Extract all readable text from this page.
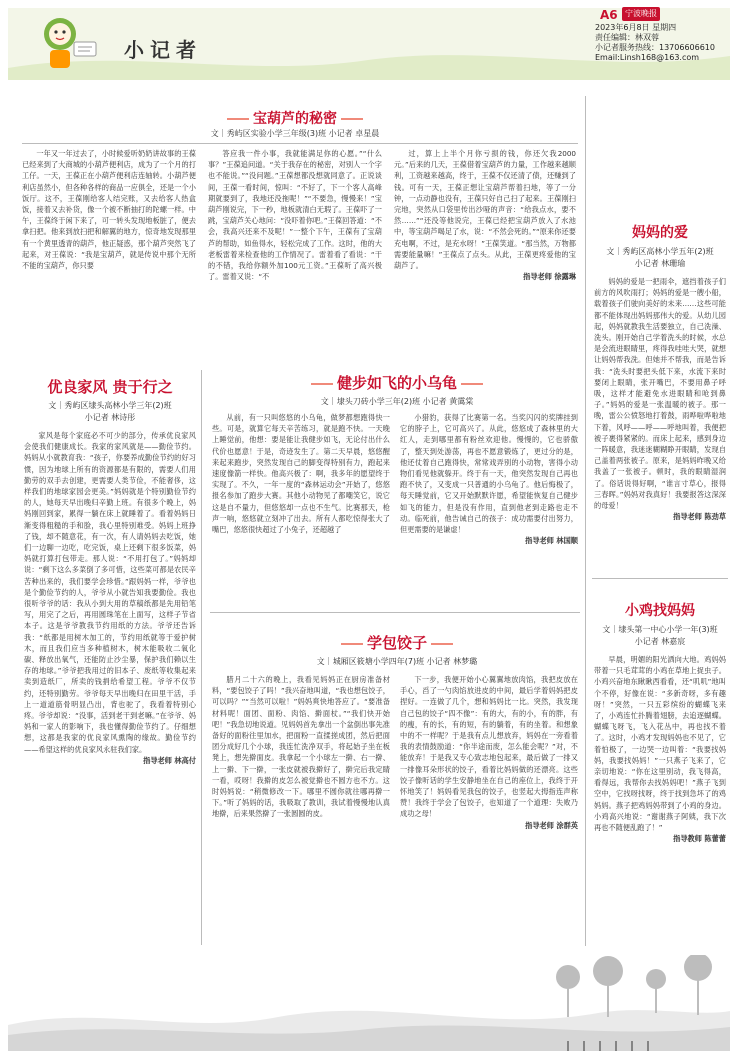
小记者
A6 宁波晚报
2023年6月8日 星期四
责任编辑：林双蓉
小记者服务热线：13706606610
Email:Linsh168@163.com
宝葫芦的秘密
文｜秀屿区实验小学三年级(3)班 小记者 卓星晨

一年又一年过去了，小时候爱听奶奶讲故事的王葆已经来到了大商城的小葫芦便利店，成为了一个月的打工仔。一天，王葆正在小葫芦便利店连轴转。小葫芦便利店虽然小，但各种各样的商品一应俱全，还是一个小饭厅。这不，王葆刚给客人结完账，又去给客人热盒饭，接着又去补货，像一个被不断抽打的陀螺一样。中午，王葆终于闲下来了，可一转头发现地板脏了，便去拿扫把。他来到放扫把和解翼的地方，惊奇地发现那里有一个黄里透青的葫芦，他正疑惑，那个葫芦突然飞了起来，对王葆说：“我是宝葫芦，就是传说中那个无所不能的宝葫芦，你只要

答应我一件小事，我就能满足你的心愿。”“什么事？”王葆追问道。“关于我存在的秘密，对别人一个字也不能说。”“没问题。”王葆想都没想就同意了。正说谈间，王葆一看时间，惊叫：“不好了，下一个客人高峰期就要到了，我地还没拖呢！”“不要急，慢慢来！”宝葫芦刚说完，下一秒，地板就清白无瑕了。王葆吓了一跳，宝葫芦关心地问：“没吓着你吧。”王葆回答道：“不会，我高兴还来不及呢！”一整个下午，王葆有了宝葫芦的帮助，如鱼得水，轻松完成了工作。这时，他的大老板雷着来检查他的工作情况了。雷着看了看说：“干的不错，我给你额外加100元工资。”王葆听了高兴极了。雷着又说：“不

过，算上上半个月你亏损的钱，你还欠我2000元。”后来的几天，王葆借着宝葫芦的力量，工作越来越顺利，工资越来越高，终于，王葆不仅还清了债，还赚到了钱。可有一天，王葆正想让宝葫芦帮着扫地，等了一分钟，一点动静也没有，王葆只好自己扫了起来。王葆刚扫完地，突然从口袋里传出沙哑的声音：“给我点水，要不然……”“还没等他说完，王葆已经把宝葫芦放入了水池中，等宝葫芦喝足了水，说：“不然会死的。”“原来你还要充电啊，不过，是充水呀！”王葆笑道。“那当然，万物都需要能量嘛！”王葆点了点头。从此，王葆更疼爱他的宝葫芦了。

指导老师 徐露琳
妈妈的爱
文｜秀屿区高林小学五年(2)班
小记者 林珊瑜

妈妈的爱是一把雨伞，遮挡着孩子们前方的风吹雨打；妈妈的爱是一艘小船，载着孩子们驶向美好的未来……这些可能都不能体现出妈妈那伟大的爱。从幼儿园起，妈妈就教我生活要独立，自己洗澡、洗头。刚开始自己学着洗头的时候，水总是会流进眼睛里，疼得我哇哇大哭，就想让妈妈帮我洗。但她并不帮我，而是告诉我：“洗头时要把头低下来，水流下来时要闭上眼睛，张开嘴巴，不要用鼻子呼吸，这样才能避免水进眼睛和呛到鼻子。”妈妈的爱是一张温暖的被子。那一晚，雷公公愤怒地打着鼓，雨哗啦哗啦地下着，风呼——呼——呼地叫着，我便把被子裹得紧紧的。而床上起来，感到身边一阵暖意，我迷迷糊糊睁开眼睛，发现自己盖着两张被子。原来，是妈妈昨晚又给我盖了一张被子。顿时，我的眼睛湿润了。俗话说得好啊，“谁言寸草心，报得三春晖。”妈妈对我真好！我要报答这深深的母爱！

指导老师 陈劲草
优良家风 贵于行之
文｜秀屿区埭头高林小学三年(2)班
小记者 林诗彤

家风是每个家庭必不可少的部分，传承优良家风会使我们健康成长。我家的家风就是——勤俭节约。妈妈从小就教育我：“孩子，你要养成勤俭节约的好习惯，因为地球上所有的资源都是有限的，需要人们用勤劳的双手去创建，更需要人类节俭，不能奢侈，这样我们的地球家园会更美。”妈妈就是个特别勤俭节约的人，她每天早出晚归辛勤上班。有很多个晚上，妈妈刚回到家，累得一躺在床上就睡着了。看着妈妈日渐变得粗糙的手和脸，我心里特别难受。妈妈上班挣了钱，却不随意花，有一次，有人请妈妈去吃饭，她们一边聊一边吃，吃完饭，桌上还剩下很多饭菜，妈妈就打算打包带走。那人说：“不用打包了。”妈妈却说：“剩下这么多菜倒了多可惜，这些菜可都是农民辛苦种出来的，我们要学会珍惜。”跟妈妈一样，爷爷也是个勤俭节约的人，爷爷从小就告知我要勤俭。我也很听爷爷的话：我从小到大用的草稿纸都是先用铅笔写，用完了之后，再用圆珠笔在上面写，这样子节省本子。这是爷爷教我节约用纸的方法。爷爷还告诉我：“纸都是用树木加工的，节约用纸就等于爱护树木，而且我们应当多种植树木，树木能吸收二氧化碳、释放出氧气，还能防止沙尘暴，保护我们赖以生存的地球。”爷爷把我用过的旧本子、废纸等收集起来卖到造纸厂，所卖的钱捐给希望工程。爷爷不仅节约，还特别勤劳。爷爷每天早出晚归在田里干活，手上一道道筋骨明显凸出，背也驼了，我看着特别心疼。爷爷却说：“没事，活到老干到老嘛。”在爷爷、妈妈和一家人的影响下，我也懂得勤俭节约了。仔细想想，这都是我家的优良家风熏陶的缘故。勤俭节约——希望这样的优良家风永驻我们家。

指导老师 林高付
健步如飞的小乌龟
文｜埭头刀砖小学三年(2)班 小记者 黄霭棠

从前，有一只叫悠悠的小乌龟，做梦都想跑得快一些。可是，就算它每天辛苦练习，就是跑不快。一天晚上睡觉前，他想：要是能让我健步如飞，无论付出什么代价也愿意！于是，奇迹发生了。第二天早晨，悠悠醒来起来跑步，突然发现自己的脚变得特别有力，跑起来速度像箭一样快。他高兴极了：啊，我多年的愿望终于实现了。不久，一年一度的“森林运动会”开始了，悠悠报名参加了跑步大赛。其他小动物见了都嘲笑它，说它这是自不量力，但悠悠却一点也不生气。比赛那天，枪声一响，悠悠就立刻冲了出去。所有人都吃惊得张大了嘴巴，悠悠很快超过了小兔子，还超越了

小猎豹，获得了比赛第一名。当奖闪闪的奖牌挂到它的脖子上，它可高兴了。从此，悠悠成了森林里的大红人，走到哪里都有粉丝欢迎他。慢慢的，它也骄傲了，整天到处游荡，再也不愿意锻炼了，更过分的是，他还仗着自己跑得快，常常戏弄别的小动物，害得小动物们看见他就躲开。终于有一天，他突然发现自己再也跑不快了，又变成一只普通的小乌龟了。他后悔极了，每天睡觉前，它又开始默默许愿，希望能恢复自己健步如飞的能力，但是没有作用，直到他老到走路也走不动。临死前，他告诫自己的孩子：成功需要付出努力，但更需要的是谦虚！

指导老师 林国顺
学包饺子
文｜城厢区筱塘小学四年(7)班 小记者 林梦璐

腊月二十六的晚上，我看见妈妈正在厨房准备材料，“要包饺子了吗！”我兴奋地叫道，“我也想包饺子，可以吗？”“当然可以啦！”妈妈爽快地答应了。“要准备材料呢！面团、面粉、肉馅、擀面杖。”“我们快开始吧！”我急切地说道。见妈妈首先拿出一个盆倒出事先准备好的面粉往里加水，把面粉一直揉搓成团，然后把面团分成好几个小球，我连忙洗净双手，将起始子坐在板凳上，想先擀面皮。我拿起一个小球左一擀、右一擀、上一擀、下一擀，一张皮就被我擀好了，擀完后我定睛一看，哎呀！我擀的皮怎么被觉擀也不圆方也不方。这时妈妈说：“稍微修改一下。哪里不圆你就往哪再擀一下。”听了妈妈的话，我吸取了教训，我试着慢慢地认真地擀，后来果然擀了一张圆圆的皮。

下一步，我便开始小心翼翼地放肉馅，我把皮放在手心，舀了一勺肉馅放进皮的中间，最后学着妈妈把皮捏好。一连做了几个，想和妈妈比一比。突然，我发现自己包的饺子“四不像”：有的大，有的小，有的胖，有的瘦，有的长，有的短，有的躺着，有的坐着。和想象中的不一样呢？于是我有点儿想放弃，妈妈在一旁看着我的表情鼓励道：“你半途而废，怎么能会呢？”对，不能放弃！于是我又专心致志地包起来，最后做了一排又一排像耳朵形状的饺子，看着比妈妈做的还漂亮。这些饺子像听话的学生安静地坐在自己的座位上，我终于开怀地笑了！妈妈看见我包的饺子，也竖起大拇指连声称赞！我终于学会了包饺子，也知道了一个道理：失败乃成功之母！

指导老师 涂群英
小鸡找妈妈
文｜埭头第一中心小学一年(3)班
小记者 林嘉宸

早晨，明媚的阳光洒向大地。鸡妈妈带着一只毛茸茸的小鸡在草地上捉虫子。小鸡兴奋地东瞅瞅西看看，还“叽叽”地叫个不停，好像在说：“多新奇呀，多有趣呀！”突然，一只五彩缤纷的蝴蝶飞来了，小鸡连忙扑腾着翅膀，去追逐蝴蝶。蝴蝶飞呀飞，飞入花丛中，再也找不着了。这时，小鸡才发现妈妈也不见了，它着怕极了，一边哭一边叫着：“我要找妈妈，我要找妈妈！”一只燕子飞来了，它亲切地说：“你在这里别动，我飞得高，看得远，我帮你去找妈妈吧！”燕子飞到空中，它找呀找呀，终于找到急坏了的鸡妈妈。燕子把鸡妈妈带到了小鸡的身边。小鸡高兴地说：“谢谢燕子阿姨，我下次再也不随便乱跑了！”

指导教师 陈蕾蕾
